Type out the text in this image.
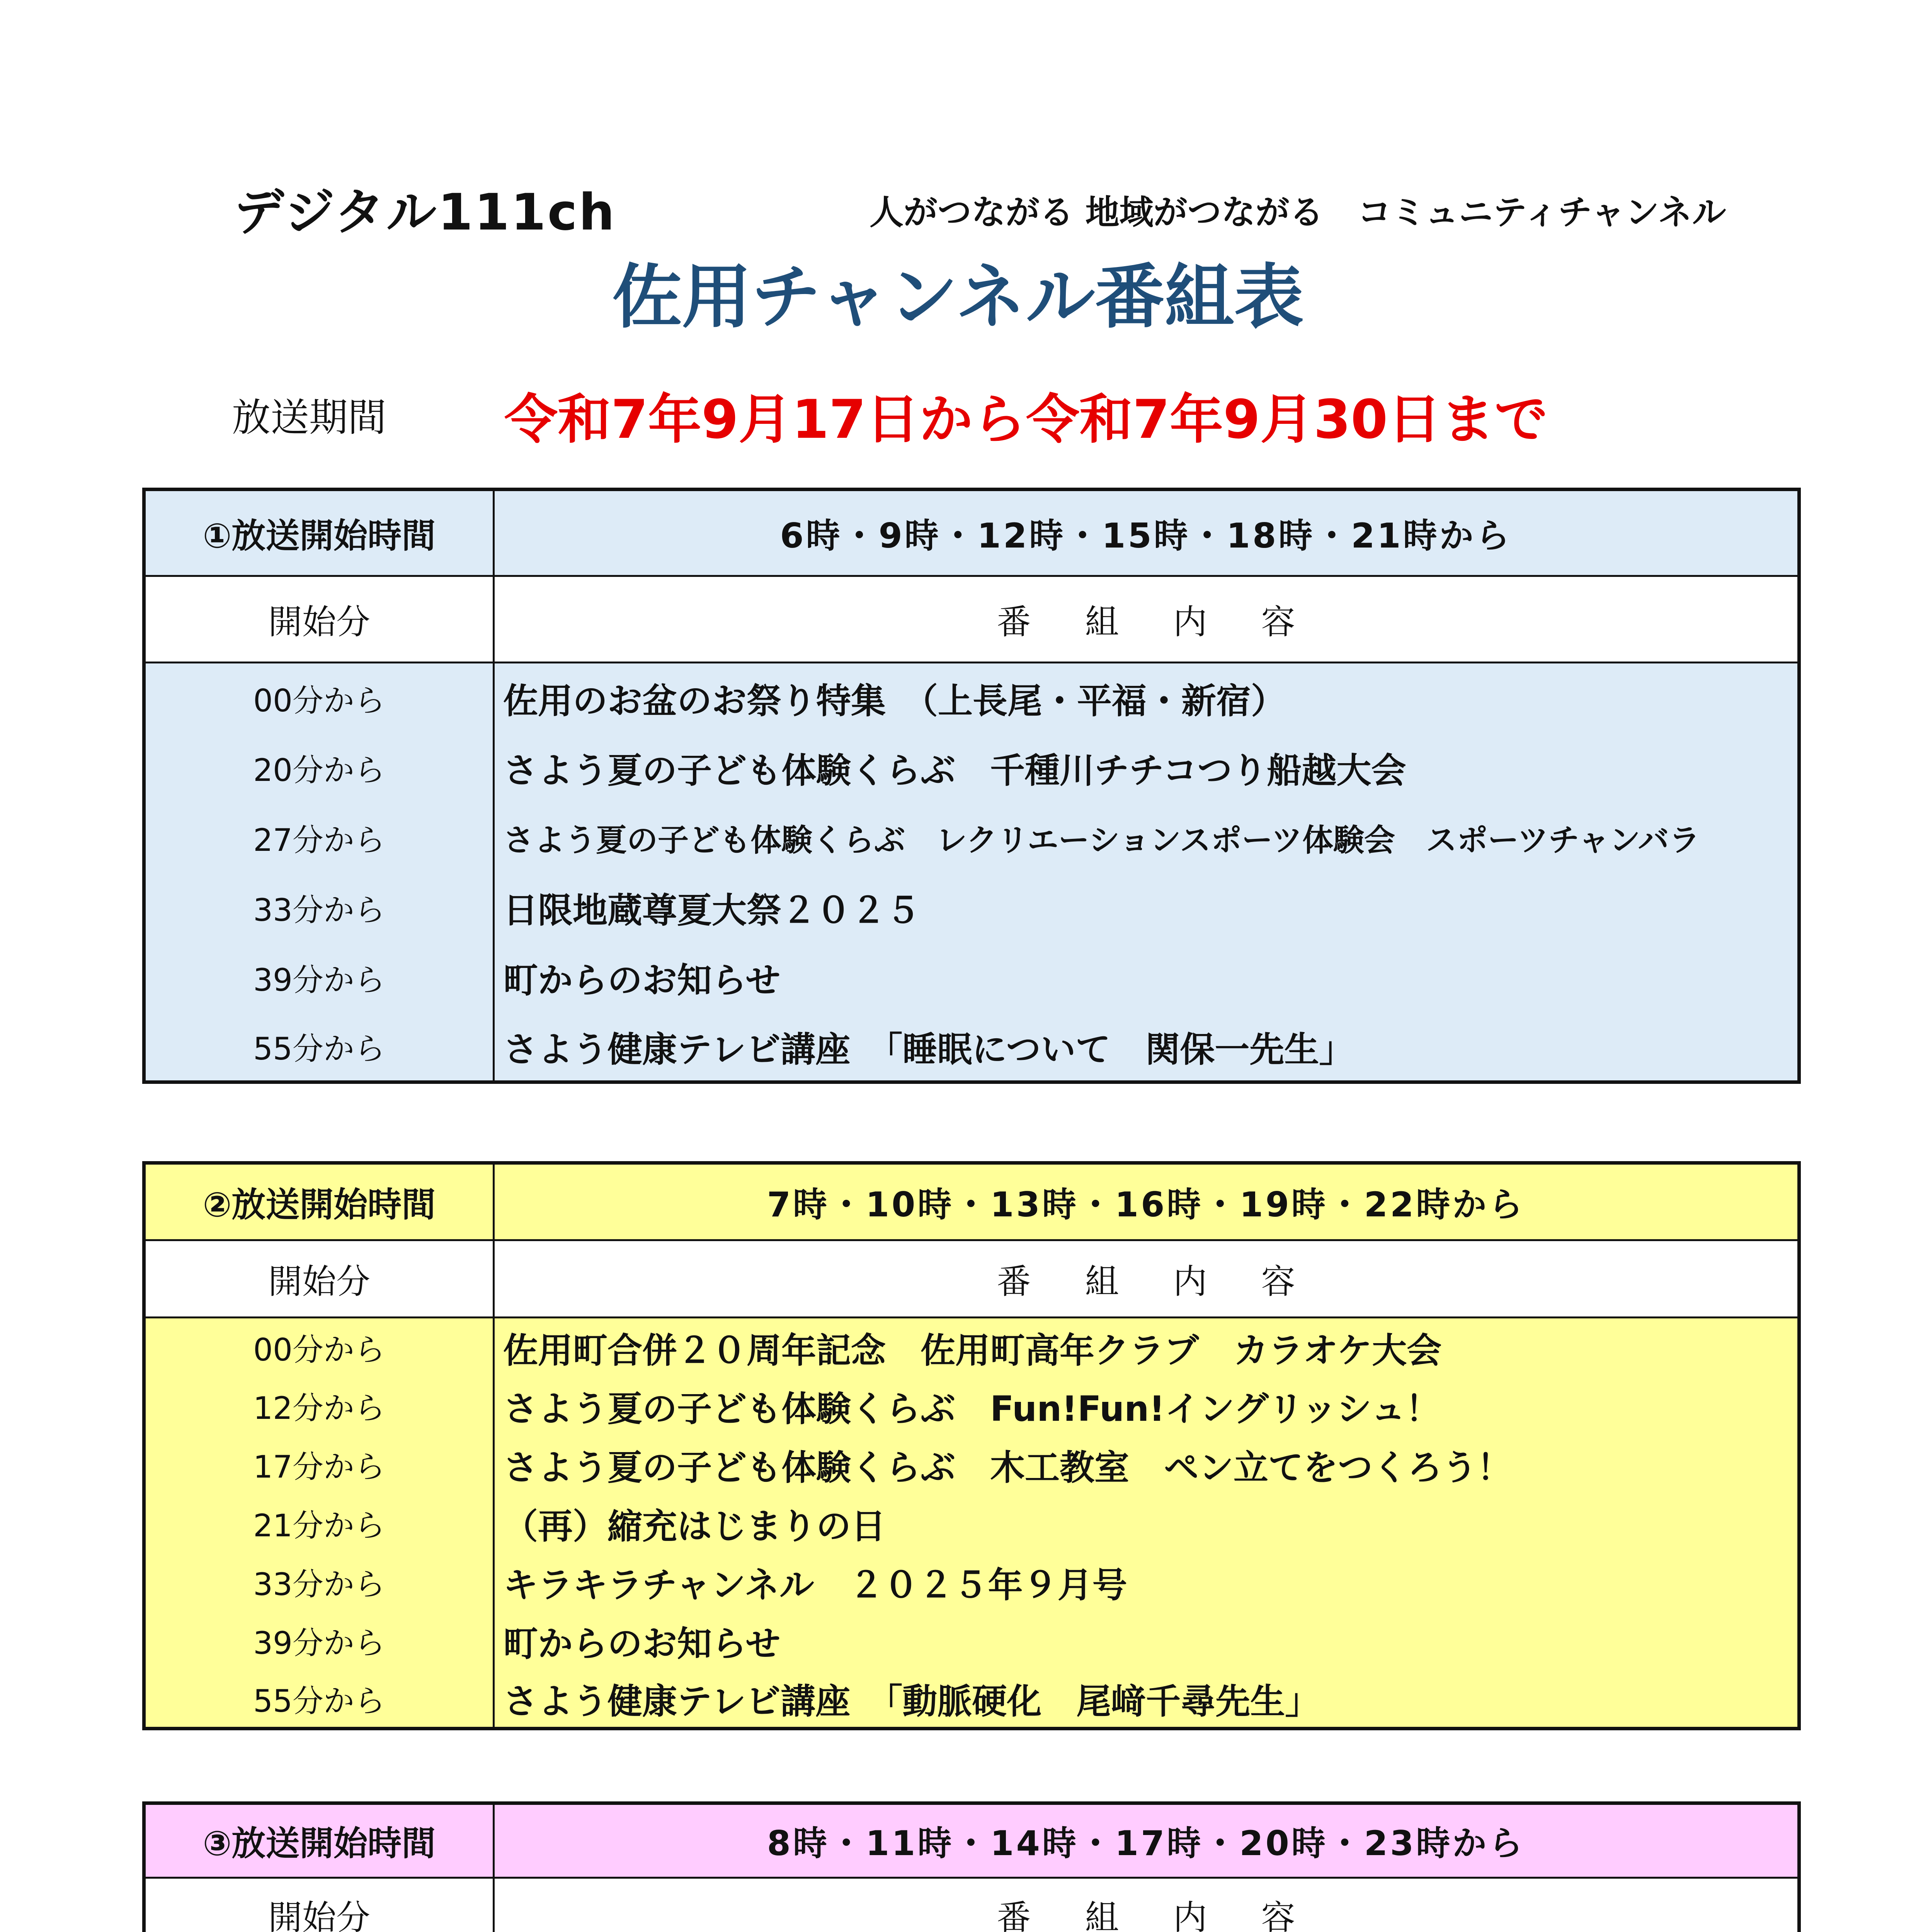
デジタル111ch	人がつながる 地域がつながる　コミュニティチャンネル
佐用チャンネル番組表
放送期間 令和7年9月17日から令和7年9月30日まで
①放送開始時間	6時・9時・12時・15時・18時・21時から
開始分	番組内容
00分から	佐用のお盆のお祭り特集　（上長尾・平福・新宿）
20分から	さよう夏の子ども体験くらぶ　千種川チチコつり船越大会
27分から	さよう夏の子ども体験くらぶ　レクリエーションスポーツ体験会　スポーツチャンバラ
33分から	日限地蔵尊夏大祭２０２５
39分から	町からのお知らせ
55分から	さよう健康テレビ講座　「睡眠について　関保一先生」
②放送開始時間	7時・10時・13時・16時・19時・22時から
開始分	番組内容
00分から	佐用町合併２０周年記念　佐用町高年クラブ　カラオケ大会
12分から	さよう夏の子ども体験くらぶ　Fun!Fun!イングリッシュ！
17分から	さよう夏の子ども体験くらぶ　木工教室　ペン立てをつくろう！
21分から	（再）縮充はじまりの日
33分から	キラキラチャンネル　２０２５年９月号
39分から	町からのお知らせ
55分から	さよう健康テレビ講座　「動脈硬化　尾﨑千尋先生」
③放送開始時間	8時・11時・14時・17時・20時・23時から
開始分	番組内容
